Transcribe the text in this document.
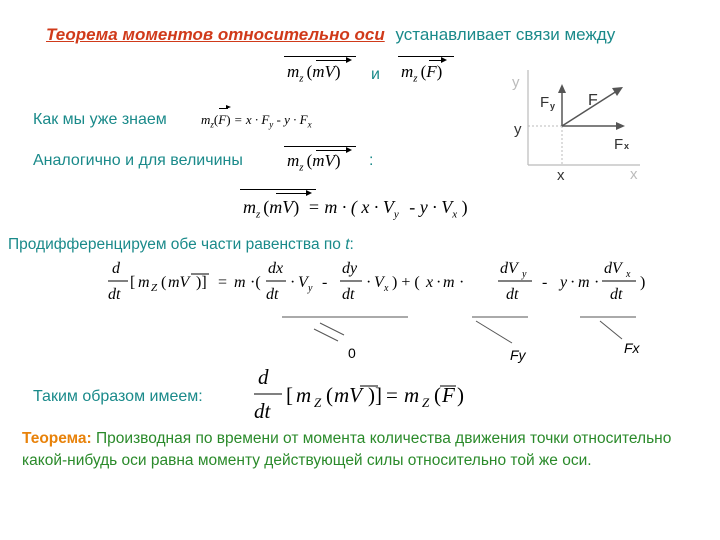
Теорема моментов относительно оси устанавливает связи между
$m_z$ (mV) и $m_z$ (F)
Как мы уже знаем	$m_z(F) = x \cdot F_y - y \cdot F_x$
Аналогично и для величины	$m_z$ (mV) :
$m_z$ (mV) = m · ( $x \cdot V_y - y \cdot V_x$ )
Продифференцируем обе части равенства по t:
d
dt
[ m Z ( mV )] = m ·(
dx
dt
· V y -
dy
dt
· V x ) + ( x · m ·
dV y
dt
- y · m ·
dV x
dt
)
0	Fy	Fx
Таким образом имеем:
d
dt
[ m Z ( mV )] = m Z ( F )
Теорема: Производная по времени от момента количества движения точки относительно какой-нибудь оси равна моменту действующей силы относительно той же оси.
y
x
F y F
F x
y
x
